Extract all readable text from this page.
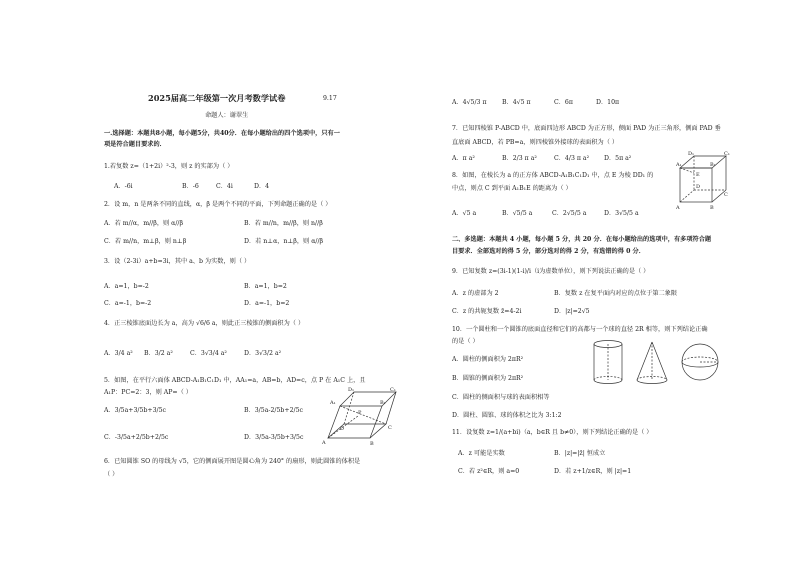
2025届高二年级第一次月考数学试卷	9.17
命题人：谢翠生
一.选择题：本题共8小题，每小题5分，共40分．在每小题给出的四个选项中，只有一
项是符合题目要求的．
1.若复数 z=（1+2i）²-3，则 z 的实部为（ ）
A．-6i	B．-6	C．4i	D．4
2．设 m，n 是两条不同的直线，α，β 是两个不同的平面，下列命题正确的是（ ）
A．若 m//α，m//β，则 α//β	B．若 m//n，m//β，则 n//β
C．若 m//n，m⊥β，则 n⊥β	D．若 n⊥α，n⊥β，则 α//β
3．设（2-3i）a+b=3i，其中 a、b 为实数，则（ ）
A．a=1，b=-2	B．a=1，b=2
C．a=-1，b=-2	D．a=-1，b=2
4．正三棱锥底面边长为 a，高为 √6/6 a，则此正三棱锥的侧面积为（ ）
A．3/4 a² B．3/2 a²	C．3√3/4 a²	D．3√3/2 a²
5．如图，在平行六面体 ABCD-A₁B₁C₁D₁ 中，AA₁=a，AB=b，AD=c，点 P 在 A₁C 上，且
A₁P：PC=2：3，则 AP=（ ）
A．3/5a+3/5b+3/5c	B．3/5a-2/5b+2/5c
C．-3/5a+2/5b+2/5c	D．3/5a-3/5b+3/5c
6．已知圆锥 SO 的母线为 √5，它的侧面展开图是圆心角为 240° 的扇形，则此圆锥的体积是
（ ）
A₁	B₁
C₁
D₁
A	B
C
D
P
A．4√5/3 π B．4√5 π	C．6π	D．10π
7．已知四棱锥 P-ABCD 中，底面四边形 ABCD 为正方形，侧面 PAD 为正三角形，侧面 PAD 垂
直底面 ABCD，若 PB=a，则四棱锥外接球的表面积为（ ）
A．π a²	B．2/3 π a²	C．4/3 π a² D．5π a²
8．如图，在棱长为 a 的正方体 ABCD-A₁B₁C₁D₁ 中，点 E 为棱 DD₁ 的
中点，则点 C 到平面 A₁B₁E 的距离为（ ）
A．√5 a	B．√5/5 a	C．2√5/5 a	D．3√5/5 a
A₁	B₁
C₁
D₁
A	B
C
D
E
二、多选题：本题共 4 小题，每小题 5 分，共 20 分．在每小题给出的选项中，有多项符合题
目要求．全部选对的得 5 分，部分选对的得 2 分，有选错的得 0 分．
9．已知复数 z=(3i-1)(1-i)/i（i为虚数单位），则下列说法正确的是（ ）
A．z 的虚部为 2	B．复数 z 在复平面内对应的点位于第二象限
C．z 的共轭复数 z̄=4-2i	D．|z|=2√5
10．一个圆柱和一个圆锥的底面直径和它们的高都与一个球的直径 2R 相等，则下列结论正确
的是（ ）
A．圆柱的侧面积为 2πR²
B．圆锥的侧面积为 2πR²
C．圆柱的侧面积与球的表面积相等
D．圆柱、圆锥、球的体积之比为 3:1:2
11．设复数 z=1/(a+bi)（a，b∈R 且 b≠0），则下列结论正确的是（ ）
A．z 可能是实数	B．|z|=|z̄| 恒成立
C．若 z²∈R，则 a=0	D．若 z+1/z∈R，则 |z|=1
